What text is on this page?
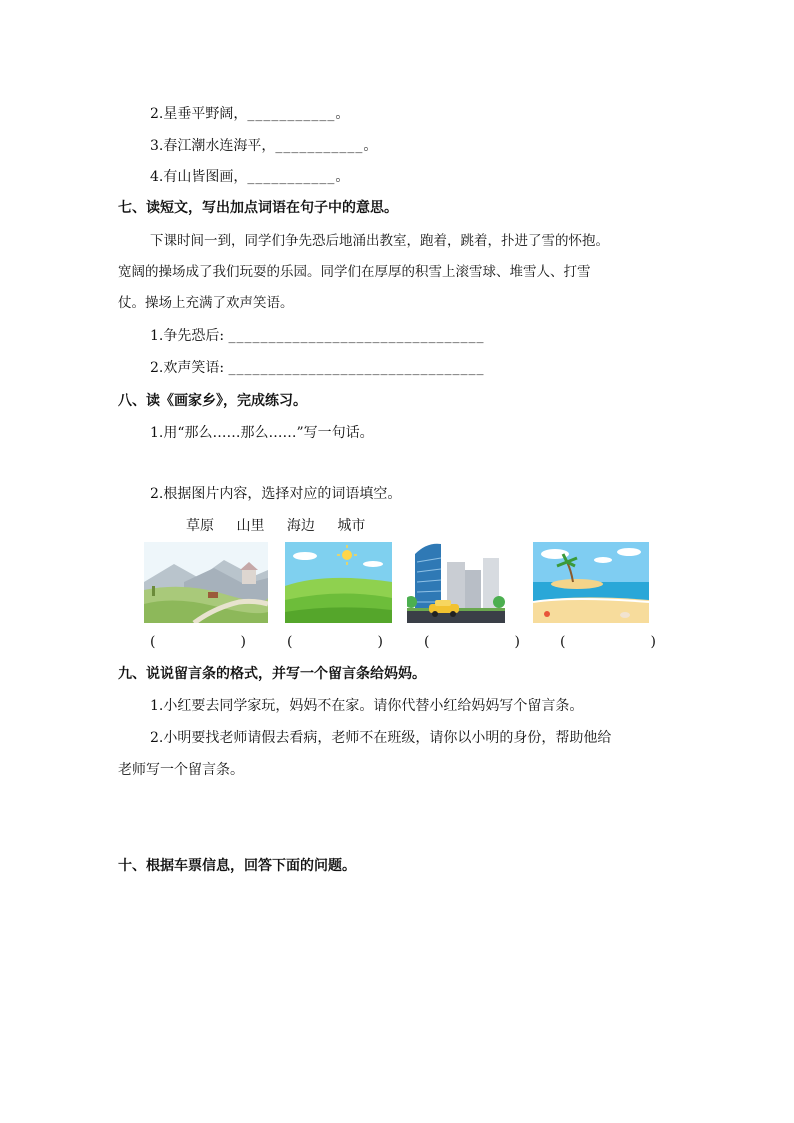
2.星垂平野阔，___________。
3.春江潮水连海平，___________。
4.有山皆图画，___________。
七、读短文，写出加点词语在句子中的意思。
下课时间一到，同学们争先恐后地涌出教室，跑着，跳着，扑进了雪的怀抱。
宽阔的操场成了我们玩耍的乐园。同学们在厚厚的积雪上滚雪球、堆雪人、打雪
仗。操场上充满了欢声笑语。
1.争先恐后: ________________________________
2.欢声笑语: ________________________________
八、读《画家乡》，完成练习。
1.用“那么……那么……”写一句话。
2.根据图片内容，选择对应的词语填空。
草原 山里 海边 城市
(	)	(	)	(	)	(	)
九、说说留言条的格式，并写一个留言条给妈妈。
1.小红要去同学家玩，妈妈不在家。请你代替小红给妈妈写个留言条。
2.小明要找老师请假去看病，老师不在班级，请你以小明的身份，帮助他给
老师写一个留言条。
十、根据车票信息，回答下面的问题。
